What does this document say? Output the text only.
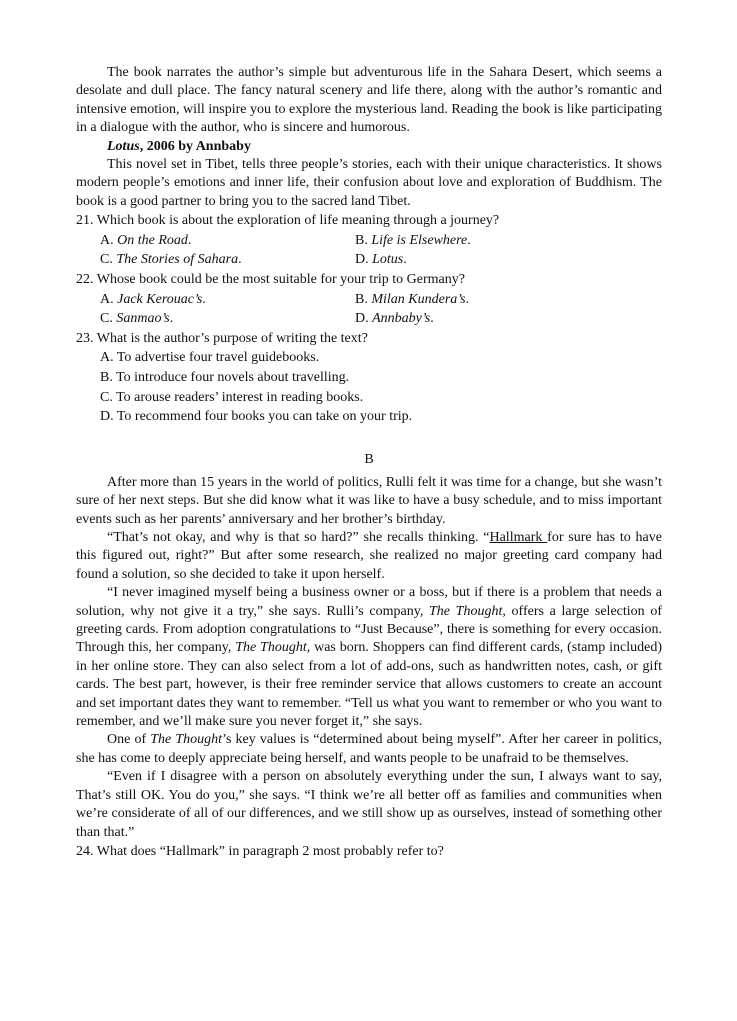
The book narrates the author’s simple but adventurous life in the Sahara Desert, which seems a desolate and dull place. The fancy natural scenery and life there, along with the author’s romantic and intensive emotion, will inspire you to explore the mysterious land. Reading the book is like participating in a dialogue with the author, who is sincere and humorous.

Lotus, 2006 by Annbaby

This novel set in Tibet, tells three people’s stories, each with their unique characteristics. It shows modern people’s emotions and inner life, their confusion about love and exploration of Buddhism. The book is a good partner to bring you to the sacred land Tibet.

21. Which book is about the exploration of life meaning through a journey?
A. On the Road.	B. Life is Elsewhere.
C. The Stories of Sahara.	D. Lotus.
22. Whose book could be the most suitable for your trip to Germany?
A. Jack Kerouac’s.	B. Milan Kundera’s.
C. Sanmao’s.	D. Annbaby’s.
23. What is the author’s purpose of writing the text?
A. To advertise four travel guidebooks.
B. To introduce four novels about travelling.
C. To arouse readers’ interest in reading books.
D. To recommend four books you can take on your trip.
B

After more than 15 years in the world of politics, Rulli felt it was time for a change, but she wasn’t sure of her next steps. But she did know what it was like to have a busy schedule, and to miss important events such as her parents’ anniversary and her brother’s birthday.

“That’s not okay, and why is that so hard?” she recalls thinking. “Hallmark for sure has to have this figured out, right?” But after some research, she realized no major greeting card company had found a solution, so she decided to take it upon herself.

“I never imagined myself being a business owner or a boss, but if there is a problem that needs a solution, why not give it a try,” she says. Rulli’s company, The Thought, offers a large selection of greeting cards. From adoption congratulations to “Just Because”, there is something for every occasion. Through this, her company, The Thought, was born. Shoppers can find different cards, (stamp included) in her online store. They can also select from a lot of add-ons, such as handwritten notes, cash, or gift cards. The best part, however, is their free reminder service that allows customers to create an account and set important dates they want to remember. “Tell us what you want to remember or who you want to remember, and we’ll make sure you never forget it,” she says.

One of The Thought’s key values is “determined about being myself”. After her career in politics, she has come to deeply appreciate being herself, and wants people to be unafraid to be themselves.

“Even if I disagree with a person on absolutely everything under the sun, I always want to say, That’s still OK. You do you,” she says. “I think we’re all better off as families and communities when we’re considerate of all of our differences, and we still show up as ourselves, instead of something other than that.”

24. What does “Hallmark” in paragraph 2 most probably refer to?
